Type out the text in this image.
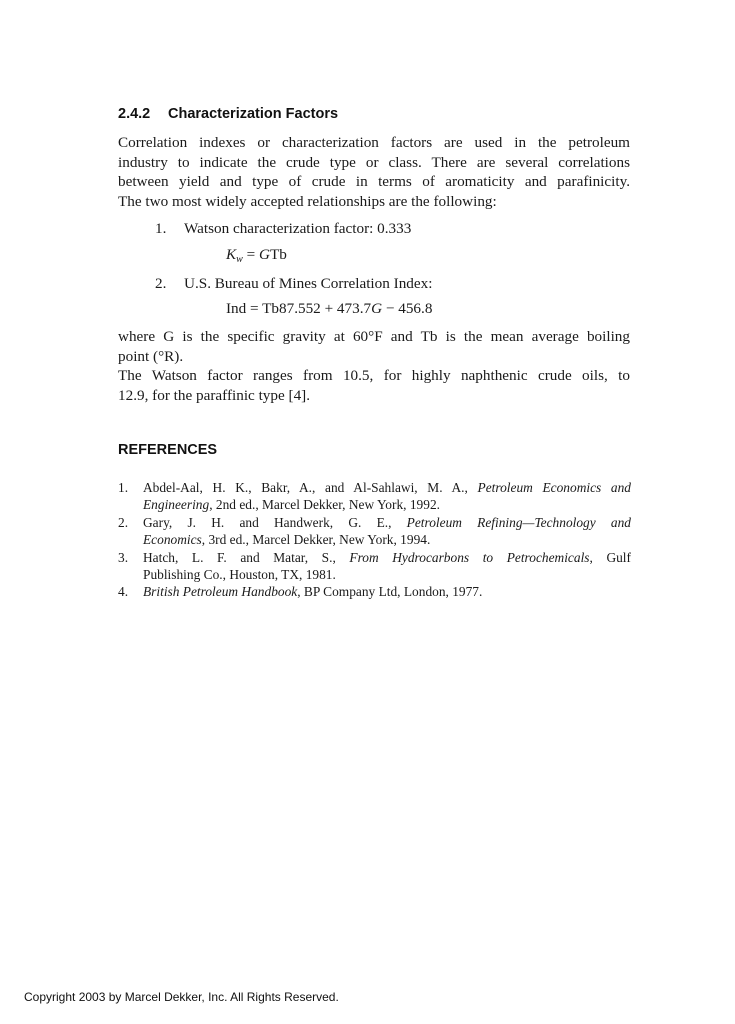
2.4.2 Characterization Factors
Correlation indexes or characterization factors are used in the petroleum
industry to indicate the crude type or class. There are several correlations
between yield and type of crude in terms of aromaticity and parafinicity.
The two most widely accepted relationships are the following:
1. Watson characterization factor: 0.333
$K_w$ = GTb
2. U.S. Bureau of Mines Correlation Index:
Ind = Tb87.552 + 473.7G − 456.8
where G is the specific gravity at 60°F and Tb is the mean average boiling
point (°R).
The Watson factor ranges from 10.5, for highly naphthenic crude oils, to
12.9, for the paraffinic type [4].
REFERENCES
1. Abdel-Aal, H. K., Bakr, A., and Al-Sahlawi, M. A., Petroleum Economics and
Engineering, 2nd ed., Marcel Dekker, New York, 1992.
2. Gary, J. H. and Handwerk, G. E., Petroleum Refining—Technology and
Economics, 3rd ed., Marcel Dekker, New York, 1994.
3. Hatch, L. F. and Matar, S., From Hydrocarbons to Petrochemicals, Gulf
Publishing Co., Houston, TX, 1981.
4. British Petroleum Handbook, BP Company Ltd, London, 1977.
Copyright 2003 by Marcel Dekker, Inc. All Rights Reserved.
